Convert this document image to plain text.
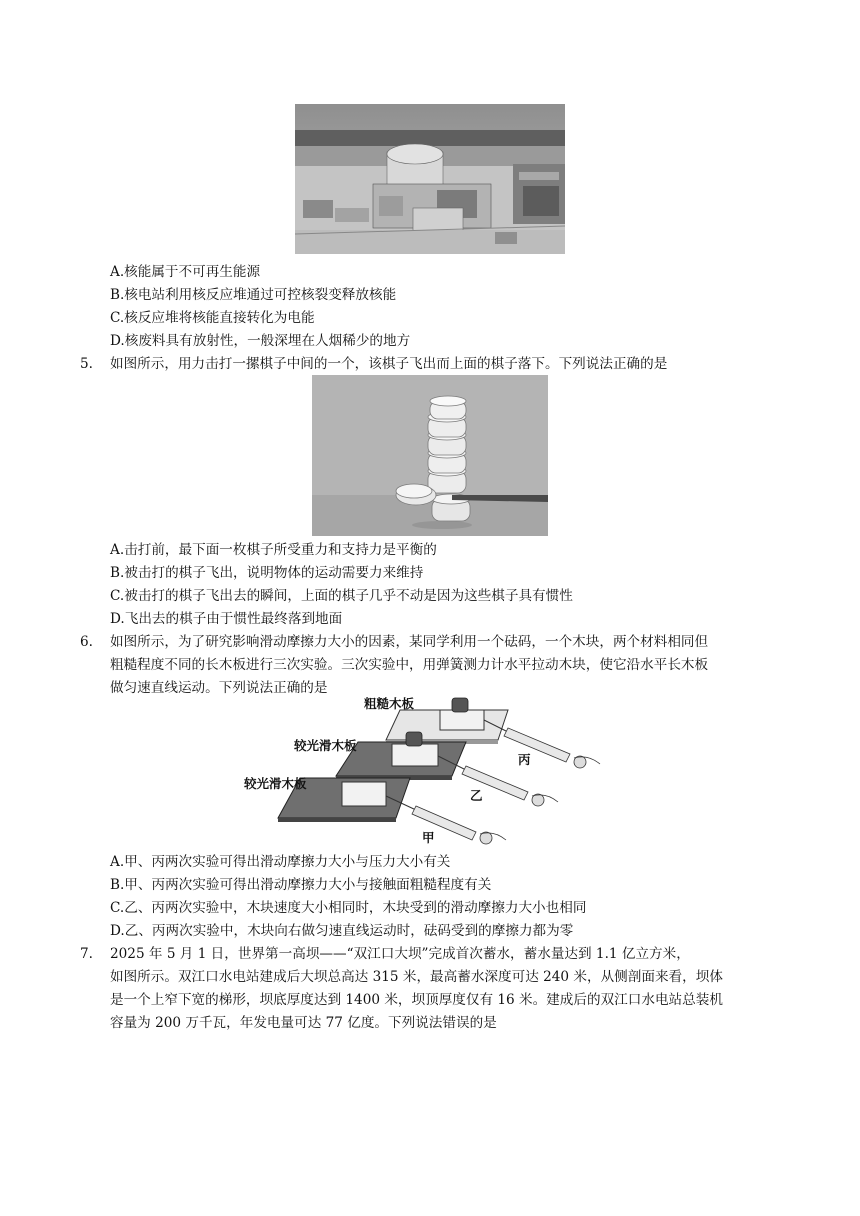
A.核能属于不可再生能源
B.核电站利用核反应堆通过可控核裂变释放核能
C.核反应堆将核能直接转化为电能
D.核废料具有放射性，一般深埋在人烟稀少的地方
5. 如图所示，用力击打一摞棋子中间的一个，该棋子飞出而上面的棋子落下。下列说法正确的是
A.击打前，最下面一枚棋子所受重力和支持力是平衡的
B.被击打的棋子飞出，说明物体的运动需要力来维持
C.被击打的棋子飞出去的瞬间，上面的棋子几乎不动是因为这些棋子具有惯性
D.飞出去的棋子由于惯性最终落到地面
6. 如图所示，为了研究影响滑动摩擦力大小的因素，某同学利用一个砝码，一个木块，两个材料相同但
粗糙程度不同的长木板进行三次实验。三次实验中，用弹簧测力计水平拉动木块，使它沿水平长木板
做匀速直线运动。下列说法正确的是
粗糙木板
较光滑木板
较光滑木板
丙
乙
甲
A.甲、丙两次实验可得出滑动摩擦力大小与压力大小有关
B.甲、丙两次实验可得出滑动摩擦力大小与接触面粗糙程度有关
C.乙、丙两次实验中，木块速度大小相同时，木块受到的滑动摩擦力大小也相同
D.乙、丙两次实验中，木块向右做匀速直线运动时，砝码受到的摩擦力都为零
7. 2025 年 5 月 1 日，世界第一高坝——“双江口大坝”完成首次蓄水，蓄水量达到 1.1 亿立方米，
如图所示。双江口水电站建成后大坝总高达 315 米，最高蓄水深度可达 240 米，从侧剖面来看，坝体
是一个上窄下宽的梯形，坝底厚度达到 1400 米，坝顶厚度仅有 16 米。建成后的双江口水电站总装机
容量为 200 万千瓦，年发电量可达 77 亿度。下列说法错误的是
